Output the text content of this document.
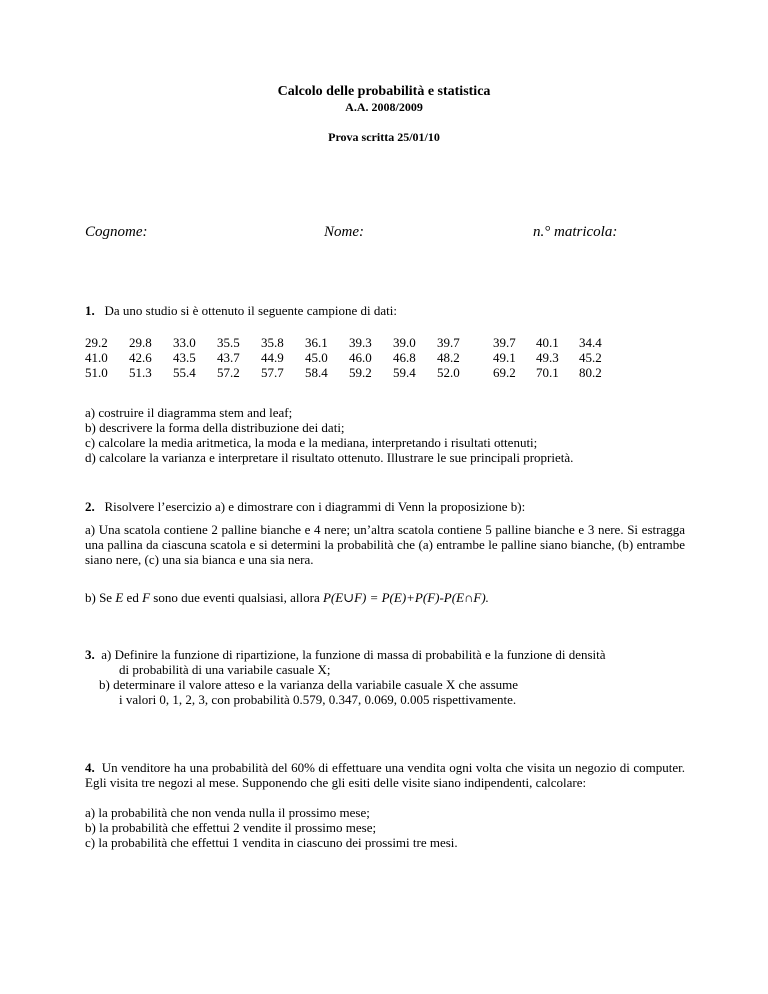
Calcolo delle probabilità e statistica
A.A. 2008/2009
Prova scritta 25/01/10
Cognome:	Nome:	n.° matricola:
1. Da uno studio si è ottenuto il seguente campione di dati:
29.2	29.8	33.0	35.5	35.8	36.1	39.3	39.0	39.7	39.7	40.1	34.4
41.0	42.6	43.5	43.7	44.9	45.0	46.0	46.8	48.2	49.1	49.3	45.2
51.0	51.3	55.4	57.2	57.7	58.4	59.2	59.4	52.0	69.2	70.1	80.2
a) costruire il diagramma stem and leaf;
b) descrivere la forma della distribuzione dei dati;
c) calcolare la media aritmetica, la moda e la mediana, interpretando i risultati ottenuti;
d) calcolare la varianza e interpretare il risultato ottenuto. Illustrare le sue principali proprietà.
2. Risolvere l’esercizio a) e dimostrare con i diagrammi di Venn la proposizione b):
a) Una scatola contiene 2 palline bianche e 4 nere; un’altra scatola contiene 5 palline bianche e 3 nere. Si estragga una pallina da ciascuna scatola e si determini la probabilità che (a) entrambe le palline siano bianche, (b) entrambe siano nere, (c) una sia bianca e una sia nera.
b) Se E ed F sono due eventi qualsiasi, allora P(E∪F) = P(E)+P(F)-P(E∩F).
3. a) Definire la funzione di ripartizione, la funzione di massa di probabilità e la funzione di densità
di probabilità di una variabile casuale X;
b) determinare il valore atteso e la varianza della variabile casuale X che assume
i valori 0, 1, 2, 3, con probabilità 0.579, 0.347, 0.069, 0.005 rispettivamente.
4. Un venditore ha una probabilità del 60% di effettuare una vendita ogni volta che visita un negozio di computer. Egli visita tre negozi al mese. Supponendo che gli esiti delle visite siano indipendenti, calcolare:
a) la probabilità che non venda nulla il prossimo mese;
b) la probabilità che effettui 2 vendite il prossimo mese;
c) la probabilità che effettui 1 vendita in ciascuno dei prossimi tre mesi.
